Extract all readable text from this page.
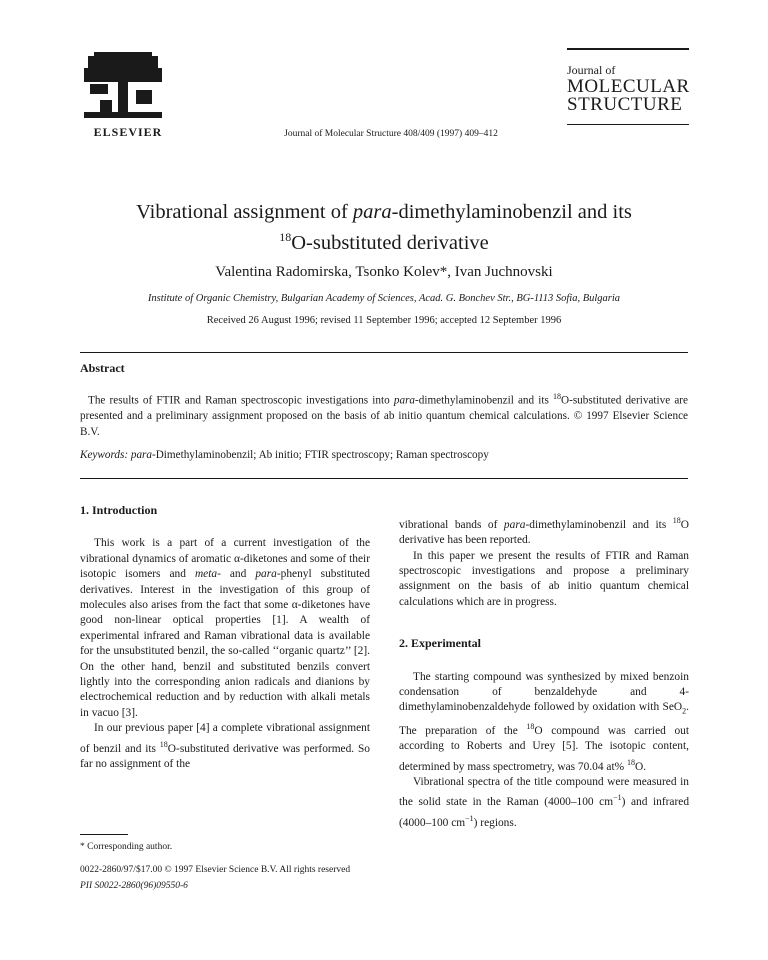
ELSEVIER	Journal of Molecular Structure 408/409 (1997) 409–412
Journal of
MOLECULAR
STRUCTURE
Vibrational assignment of para-dimethylaminobenzil and its
$^{18}$O-substituted derivative
Valentina Radomirska, Tsonko Kolev*, Ivan Juchnovski
Institute of Organic Chemistry, Bulgarian Academy of Sciences, Acad. G. Bonchev Str., BG-1113 Sofia, Bulgaria
Received 26 August 1996; revised 11 September 1996; accepted 12 September 1996
Abstract
The results of FTIR and Raman spectroscopic investigations into para-dimethylaminobenzil and its $^{18}$O-substituted derivative are presented and a preliminary assignment proposed on the basis of ab initio quantum chemical calculations. © 1997 Elsevier Science B.V.
Keywords: para-Dimethylaminobenzil; Ab initio; FTIR spectroscopy; Raman spectroscopy
1. Introduction
This work is a part of a current investigation of the vibrational dynamics of aromatic α-diketones and some of their isotopic isomers and meta- and para-phenyl substituted derivatives. Interest in the investigation of this group of molecules also arises from the fact that some α-diketones have good non-linear optical properties [1]. A wealth of experimental infrared and Raman vibrational data is available for the unsubstituted benzil, the so-called ‘‘organic quartz’’ [2]. On the other hand, benzil and substituted benzils convert lightly into the corresponding anion radicals and dianions by electrochemical reduction and by reduction with alkali metals in vacuo [3].
In our previous paper [4] a complete vibrational assignment of benzil and its $^{18}$O-substituted derivative was performed. So far no assignment of the
vibrational bands of para-dimethylaminobenzil and its $^{18}$O derivative has been reported.
In this paper we present the results of FTIR and Raman spectroscopic investigations and propose a preliminary assignment on the basis of ab initio quantum chemical calculations which are in progress.
2. Experimental
The starting compound was synthesized by mixed benzoin condensation of benzaldehyde and 4-dimethylaminobenzaldehyde followed by oxidation with SeO$_2$. The preparation of the $^{18}$O compound was carried out according to Roberts and Urey [5]. The isotopic content, determined by mass spectrometry, was 70.04 at% $^{18}$O.
Vibrational spectra of the title compound were measured in the solid state in the Raman (4000–100 $cm^{-1}$) and infrared (4000–100 $cm^{-1}$) regions.
* Corresponding author.
0022-2860/97/$17.00 © 1997 Elsevier Science B.V. All rights reserved
PII S0022-2860(96)09550-6
